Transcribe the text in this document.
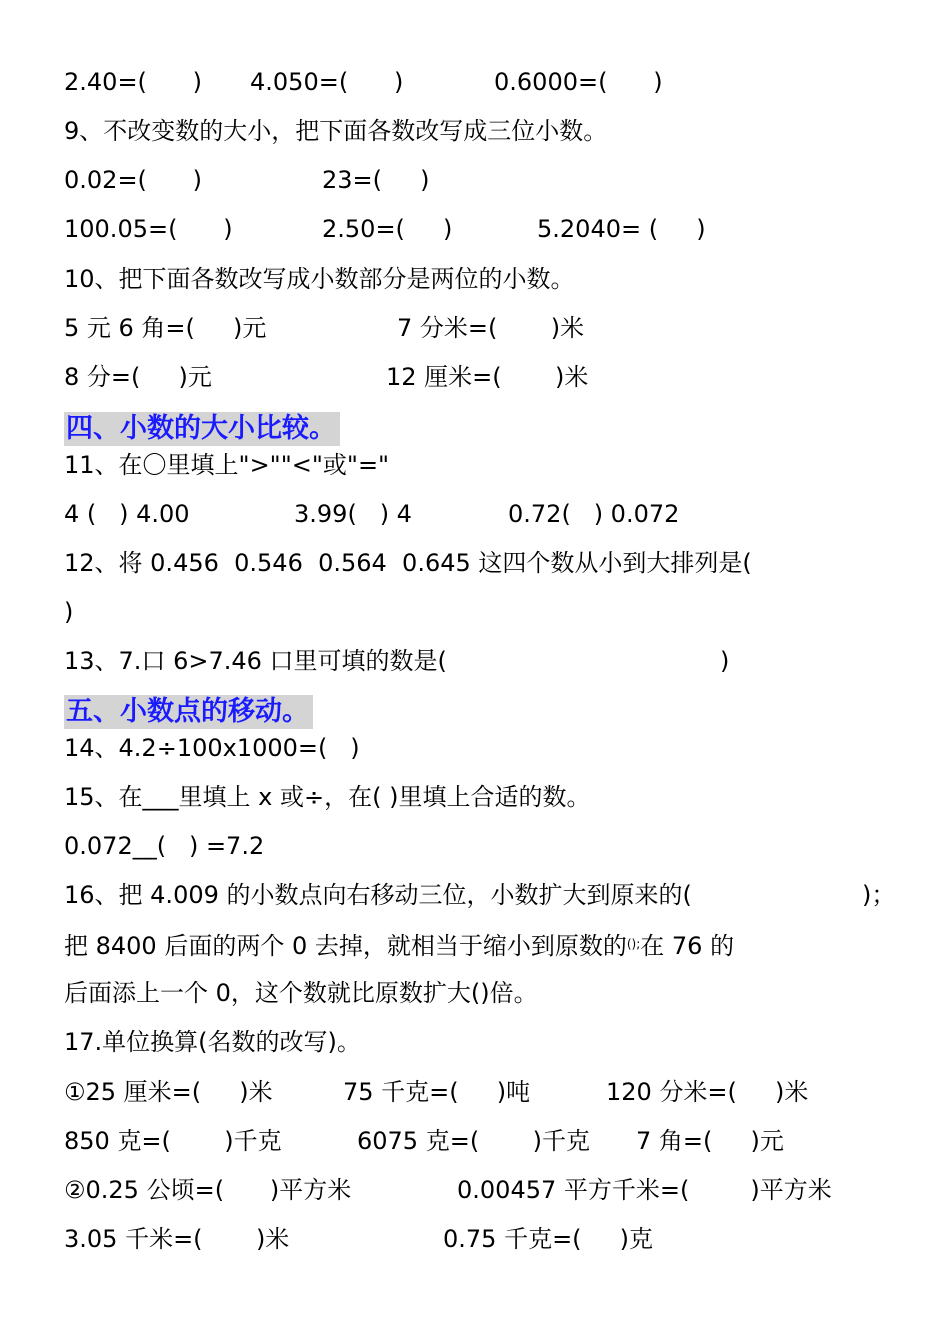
2.40=(      ) 4.050=(      )	0.6000=(      )
9、不改变数的大小，把下面各数改写成三位小数。
0.02=(      )	23=(     )
100.05=(      )	2.50=(     )	5.2040= (     )
10、把下面各数改写成小数部分是两位的小数。
5 元 6 角=(     )元	7 分米=(       )米
8 分=(     )元	12 厘米=(       )米
四、小数的大小比较。
11、在〇里填上">""<"或"="
4 (   ) 4.00	3.99(   ) 4	0.72(   ) 0.072
12、将 0.456  0.546  0.564  0.645 这四个数从小到大排列是(
)
13、7.口 6>7.46 口里可填的数是(	)
五、小数点的移动。
14、4.2÷100x1000=(   )
15、在___里填上 x 或÷，在( )里填上合适的数。
0.072__(   ) =7.2
16、把 4.009 的小数点向右移动三位，小数扩大到原来的(	)；
把 8400 后面的两个 0 去掉，就相当于缩小到原数的();在 76 的
后面添上一个 0，这个数就比原数扩大()倍。
17.单位换算(名数的改写)。
①25 厘米=(     )米	75 千克=(     )吨	120 分米=(     )米
850 克=(       )千克	6075 克=(       )千克 7 角=(     )元
②0.25 公顷=(      )平方米	0.00457 平方千米=(        )平方米
3.05 千米=(       )米	0.75 千克=(     )克
